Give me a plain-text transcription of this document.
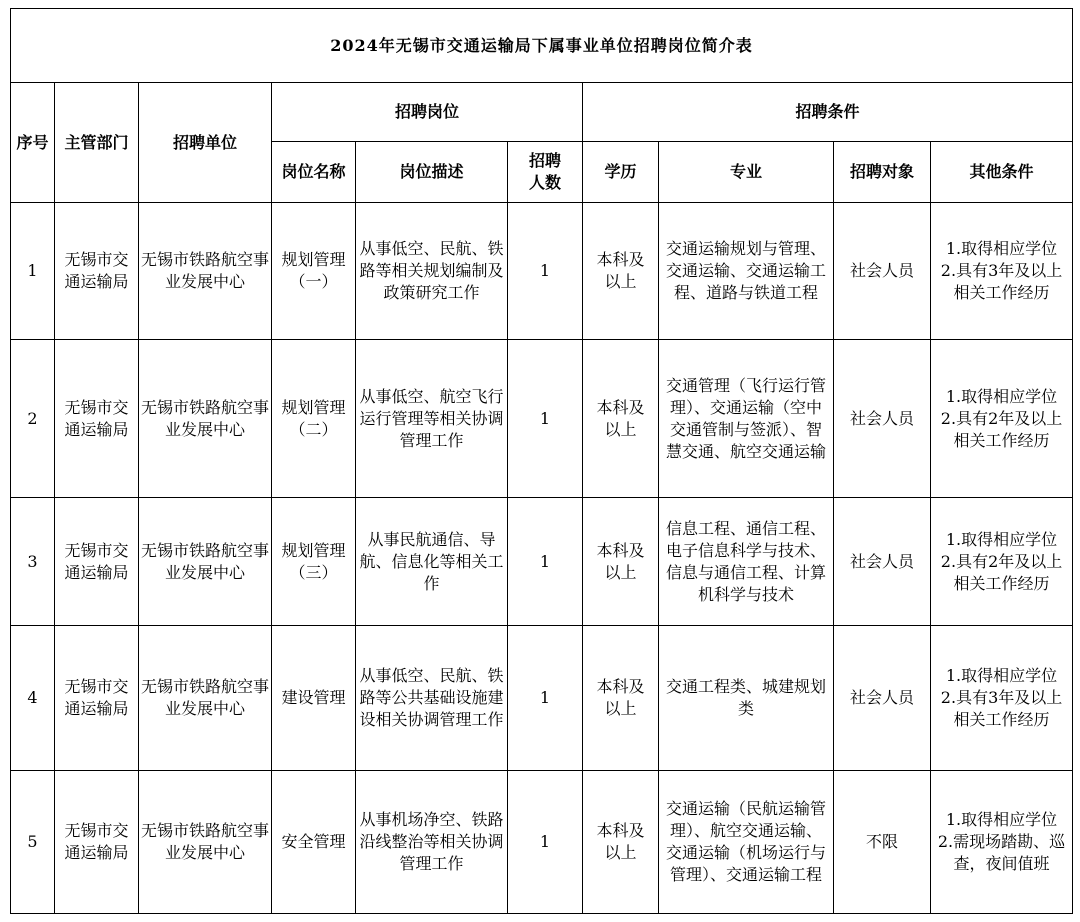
2024年无锡市交通运输局下属事业单位招聘岗位简介表									
序号	主管部门	招聘单位	招聘岗位			招聘条件			
			岗位名称	岗位描述	招聘人数	学历	专业	招聘对象	其他条件
1	无锡市交通运输局	无锡市铁路航空事业发展中心	规划管理（一）	从事低空、民航、铁路等相关规划编制及政策研究工作	1	本科及以上	交通运输规划与管理、交通运输、交通运输工程、道路与铁道工程	社会人员	1.取得相应学位
2.具有3年及以上相关工作经历

2	无锡市交通运输局	无锡市铁路航空事业发展中心	规划管理（二）	从事低空、航空飞行运行管理等相关协调管理工作	1	本科及以上	交通管理（飞行运行管理）、交通运输（空中交通管制与签派）、智慧交通、航空交通运输	社会人员	1.取得相应学位
2.具有2年及以上相关工作经历

3	无锡市交通运输局	无锡市铁路航空事业发展中心	规划管理（三）	从事民航通信、导航、信息化等相关工作	1	本科及以上	信息工程、通信工程、电子信息科学与技术、信息与通信工程、计算机科学与技术	社会人员	1.取得相应学位
2.具有2年及以上相关工作经历

4	无锡市交通运输局	无锡市铁路航空事业发展中心	建设管理	从事低空、民航、铁路等公共基础设施建设相关协调管理工作	1	本科及以上	交通工程类、城建规划类	社会人员	1.取得相应学位
2.具有3年及以上相关工作经历

5	无锡市交通运输局	无锡市铁路航空事业发展中心	安全管理	从事机场净空、铁路沿线整治等相关协调管理工作	1	本科及以上	交通运输（民航运输管理）、航空交通运输、交通运输（机场运行与管理）、交通运输工程	不限	1.取得相应学位
2.需现场踏勘、巡查，夜间值班
